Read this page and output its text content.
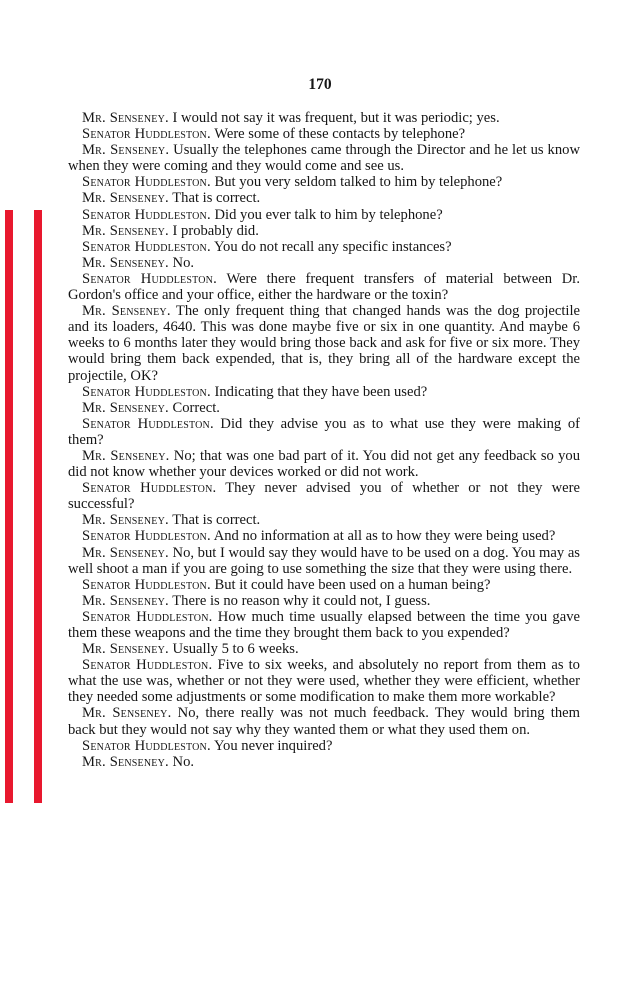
170

Mr. Senseney. I would not say it was frequent, but it was periodic; yes.

Senator Huddleston. Were some of these contacts by telephone?

Mr. Senseney. Usually the telephones came through the Director and he let us know when they were coming and they would come and see us.

Senator Huddleston. But you very seldom talked to him by telephone?

Mr. Senseney. That is correct.

Senator Huddleston. Did you ever talk to him by telephone?

Mr. Senseney. I probably did.

Senator Huddleston. You do not recall any specific instances?

Mr. Senseney. No.

Senator Huddleston. Were there frequent transfers of material between Dr. Gordon's office and your office, either the hardware or the toxin?

Mr. Senseney. The only frequent thing that changed hands was the dog projectile and its loaders, 4640. This was done maybe five or six in one quantity. And maybe 6 weeks to 6 months later they would bring those back and ask for five or six more. They would bring them back expended, that is, they bring all of the hardware except the projectile, OK?

Senator Huddleston. Indicating that they have been used?

Mr. Senseney. Correct.

Senator Huddleston. Did they advise you as to what use they were making of them?

Mr. Senseney. No; that was one bad part of it. You did not get any feedback so you did not know whether your devices worked or did not work.

Senator Huddleston. They never advised you of whether or not they were successful?

Mr. Senseney. That is correct.

Senator Huddleston. And no information at all as to how they were being used?

Mr. Senseney. No, but I would say they would have to be used on a dog. You may as well shoot a man if you are going to use something the size that they were using there.

Senator Huddleston. But it could have been used on a human being?

Mr. Senseney. There is no reason why it could not, I guess.

Senator Huddleston. How much time usually elapsed between the time you gave them these weapons and the time they brought them back to you expended?

Mr. Senseney. Usually 5 to 6 weeks.

Senator Huddleston. Five to six weeks, and absolutely no report from them as to what the use was, whether or not they were used, whether they were efficient, whether they needed some adjustments or some modification to make them more workable?

Mr. Senseney. No, there really was not much feedback. They would bring them back but they would not say why they wanted them or what they used them on.

Senator Huddleston. You never inquired?

Mr. Senseney. No.
